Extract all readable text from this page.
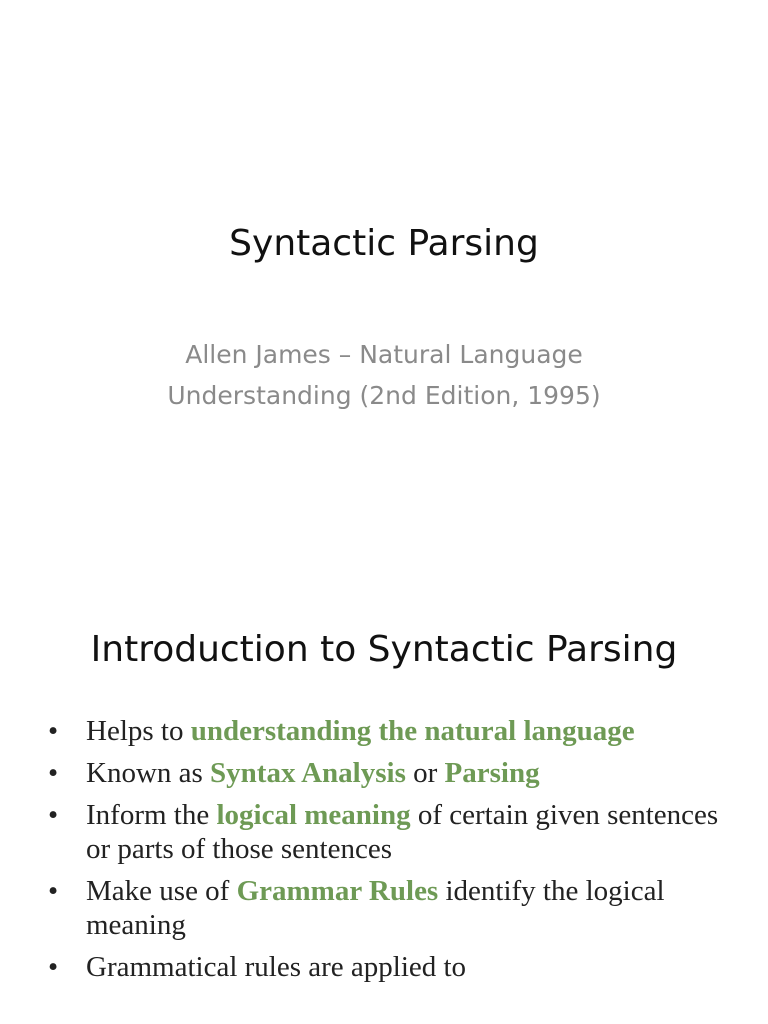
Syntactic Parsing
Allen James – Natural Language
Understanding (2nd Edition, 1995)
Introduction to Syntactic Parsing
• Helps to understanding the natural language
• Known as Syntax Analysis or Parsing
• Inform the logical meaning of certain given sentences or parts of those sentences
• Make use of Grammar Rules identify the logical meaning
• Grammatical rules are applied to
